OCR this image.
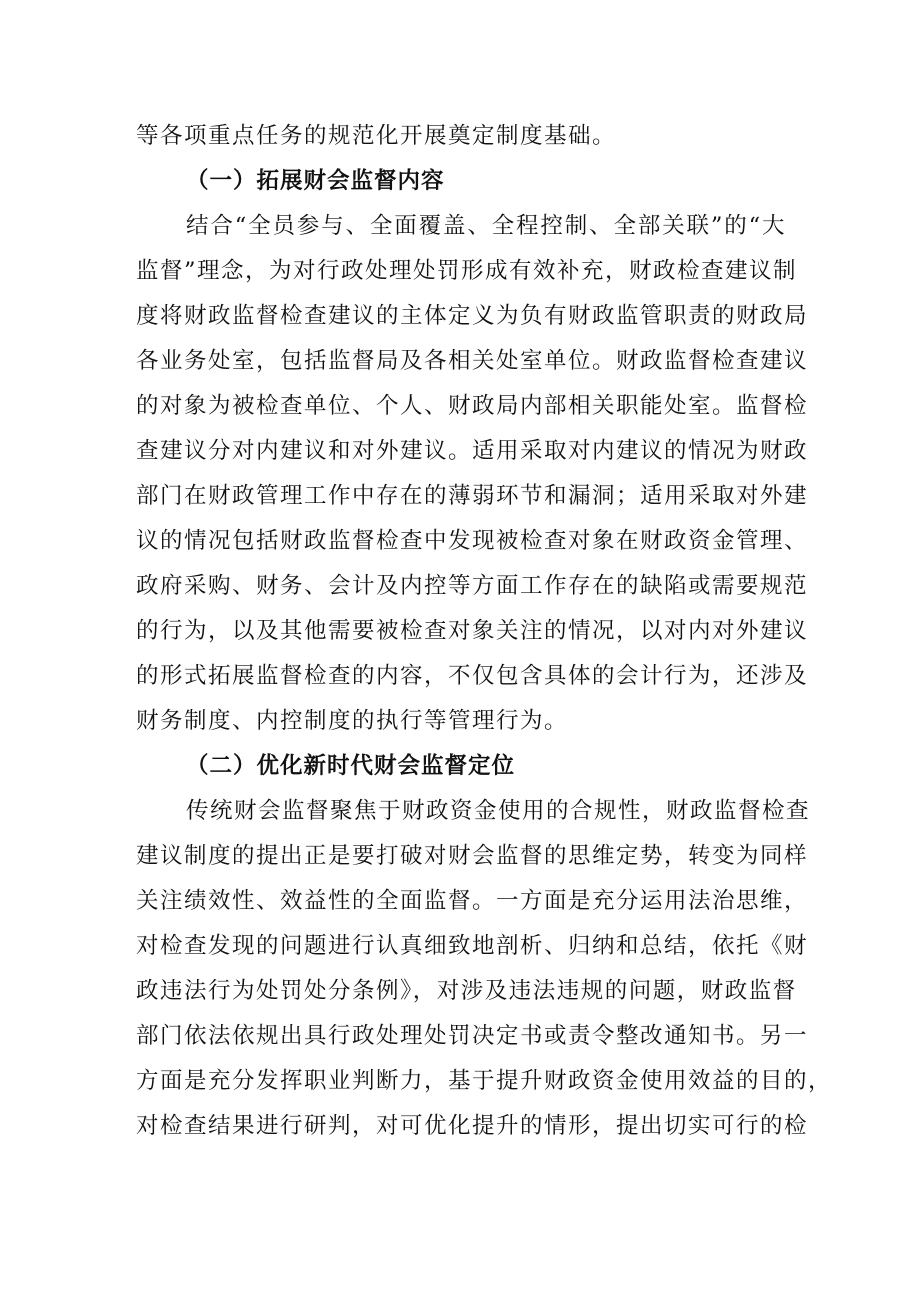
等各项重点任务的规范化开展奠定制度基础。
（一）拓展财会监督内容
结合“全员参与、全面覆盖、全程控制、全部关联”的“大
监督”理念，为对行政处理处罚形成有效补充，财政检查建议制
度将财政监督检查建议的主体定义为负有财政监管职责的财政局
各业务处室，包括监督局及各相关处室单位。财政监督检查建议
的对象为被检查单位、个人、财政局内部相关职能处室。监督检
查建议分对内建议和对外建议。适用采取对内建议的情况为财政
部门在财政管理工作中存在的薄弱环节和漏洞；适用采取对外建
议的情况包括财政监督检查中发现被检查对象在财政资金管理、
政府采购、财务、会计及内控等方面工作存在的缺陷或需要规范
的行为，以及其他需要被检查对象关注的情况，以对内对外建议
的形式拓展监督检查的内容，不仅包含具体的会计行为，还涉及
财务制度、内控制度的执行等管理行为。
（二）优化新时代财会监督定位
传统财会监督聚焦于财政资金使用的合规性，财政监督检查
建议制度的提出正是要打破对财会监督的思维定势，转变为同样
关注绩效性、效益性的全面监督。一方面是充分运用法治思维，
对检查发现的问题进行认真细致地剖析、归纳和总结，依托《财
政违法行为处罚处分条例》，对涉及违法违规的问题，财政监督
部门依法依规出具行政处理处罚决定书或责令整改通知书。另一
方面是充分发挥职业判断力，基于提升财政资金使用效益的目的，
对检查结果进行研判，对可优化提升的情形，提出切实可行的检
